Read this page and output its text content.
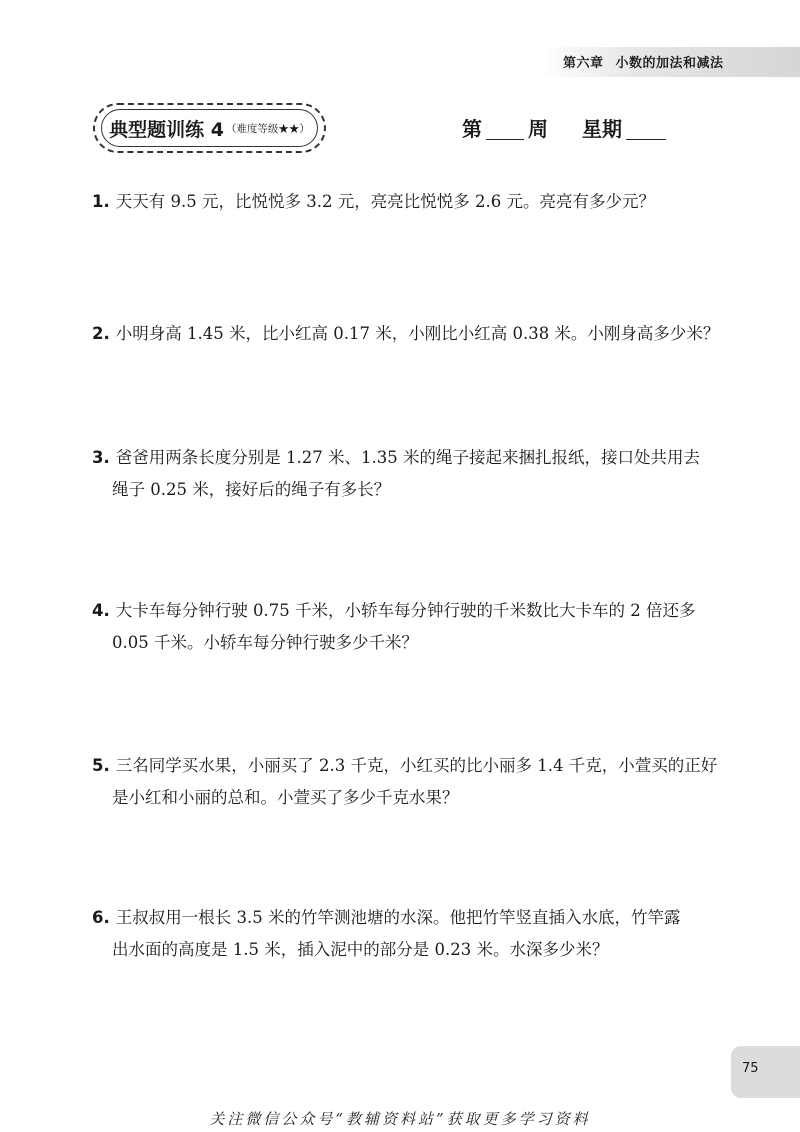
第六章 小数的加法和减法
典型题训练 4 （难度等级★★）	第 周 星期
1. 天天有 9.5 元，比悦悦多 3.2 元，亮亮比悦悦多 2.6 元。亮亮有多少元？
2. 小明身高 1.45 米，比小红高 0.17 米，小刚比小红高 0.38 米。小刚身高多少米？
3. 爸爸用两条长度分别是 1.27 米、1.35 米的绳子接起来捆扎报纸，接口处共用去
绳子 0.25 米，接好后的绳子有多长？
4. 大卡车每分钟行驶 0.75 千米，小轿车每分钟行驶的千米数比大卡车的 2 倍还多
0.05 千米。小轿车每分钟行驶多少千米？
5. 三名同学买水果，小丽买了 2.3 千克，小红买的比小丽多 1.4 千克，小萱买的正好
是小红和小丽的总和。小萱买了多少千克水果？
6. 王叔叔用一根长 3.5 米的竹竿测池塘的水深。他把竹竿竖直插入水底，竹竿露
出水面的高度是 1.5 米，插入泥中的部分是 0.23 米。水深多少米？
75
关注微信公众号“教辅资料站”获取更多学习资料
